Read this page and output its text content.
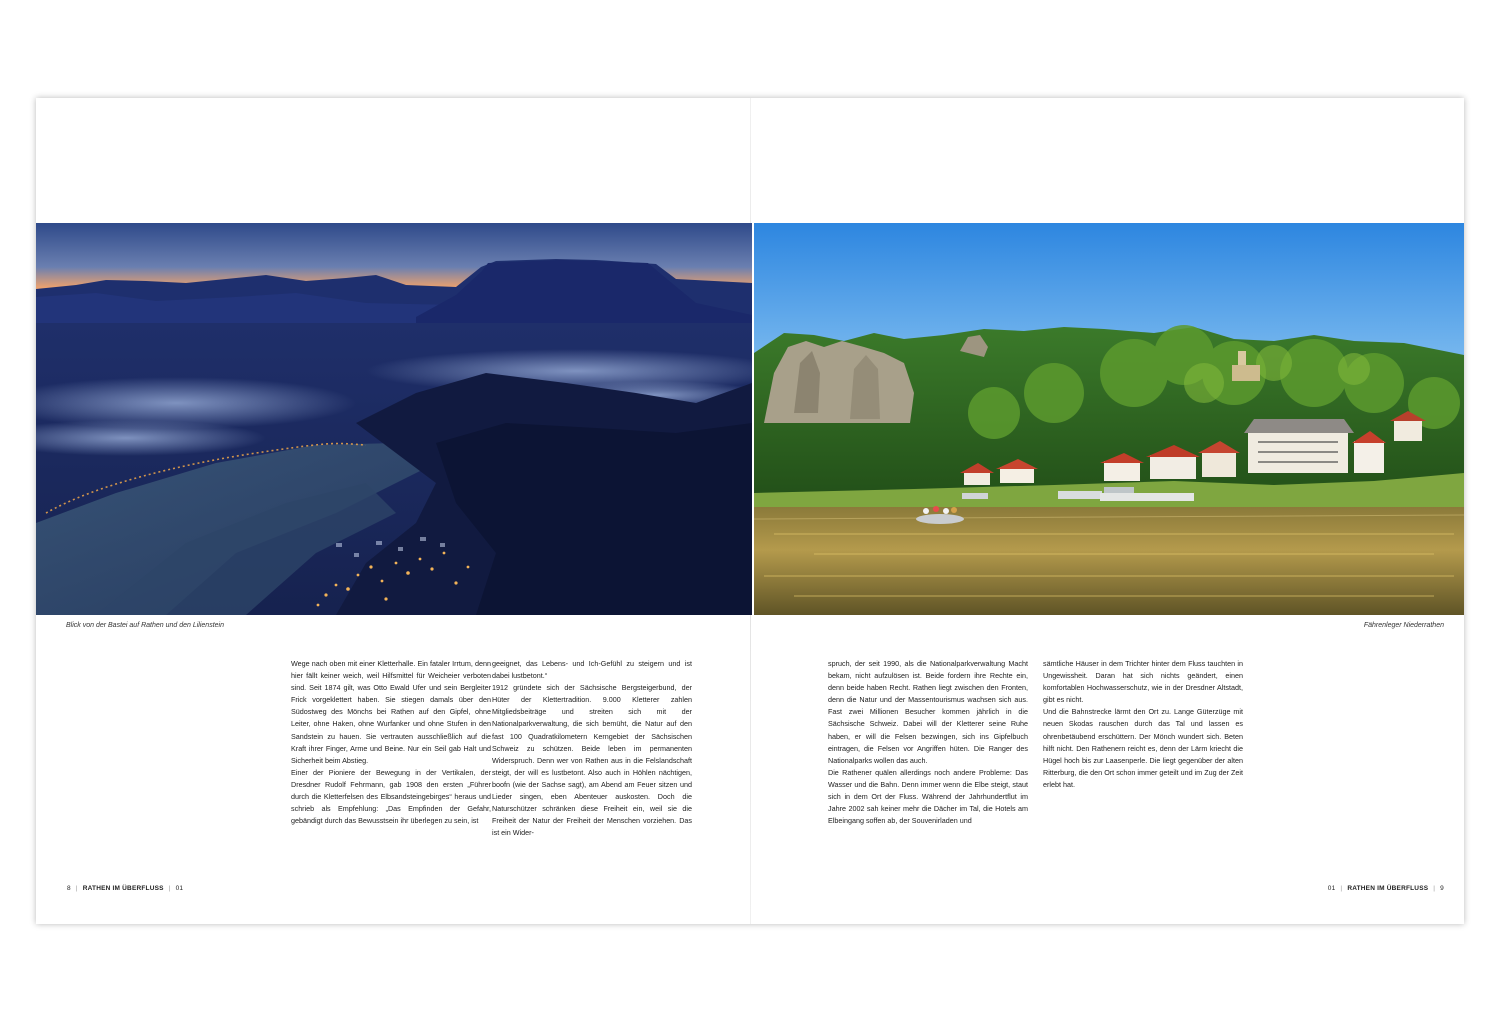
Blick von der Bastei auf Rathen und den Lilienstein	Fährenleger Niederrathen

Wege nach oben mit einer Kletterhalle. Ein fataler Irrtum, denn hier fällt keiner weich, weil Hilfsmittel für Weicheier verboten sind. Seit 1874 gilt, was Otto Ewald Ufer und sein Bergleiter Frick vorgeklettert haben. Sie stiegen damals über den Südostweg des Mönchs bei Rathen auf den Gipfel, ohne Leiter, ohne Haken, ohne Wurfanker und ohne Stufen in den Sandstein zu hauen. Sie vertrauten ausschließlich auf die Kraft ihrer Finger, Arme und Beine. Nur ein Seil gab Halt und Sicherheit beim Abstieg.

Einer der Pioniere der Bewegung in der Vertikalen, der Dresdner Rudolf Fehrmann, gab 1908 den ersten „Führer durch die Kletterfelsen des Elbsandsteingebirges“ heraus und schrieb als Empfehlung: „Das Empfinden der Gefahr, gebändigt durch das Bewusstsein ihr überlegen zu sein, ist

geeignet, das Lebens- und Ich-Gefühl zu steigern und ist dabei lustbetont.“

1912 gründete sich der Sächsische Bergsteigerbund, der Hüter der Klettertradition. 9.000 Kletterer zahlen Mitgliedsbeiträge und streiten sich mit der Nationalparkverwaltung, die sich bemüht, die Natur auf den fast 100 Quadratkilometern Kerngebiet der Sächsischen Schweiz zu schützen. Beide leben im permanenten Widerspruch. Denn wer von Rathen aus in die Felslandschaft steigt, der will es lustbetont. Also auch in Höhlen nächtigen, boofn (wie der Sachse sagt), am Abend am Feuer sitzen und Lieder singen, eben Abenteuer auskosten. Doch die Naturschützer schränken diese Freiheit ein, weil sie die Freiheit der Natur der Freiheit der Menschen vorziehen. Das ist ein Wider-

spruch, der seit 1990, als die Nationalparkverwaltung Macht bekam, nicht aufzulösen ist. Beide fordern ihre Rechte ein, denn beide haben Recht. Rathen liegt zwischen den Fronten, denn die Natur und der Massentourismus wachsen sich aus. Fast zwei Millionen Besucher kommen jährlich in die Sächsische Schweiz. Dabei will der Kletterer seine Ruhe haben, er will die Felsen bezwingen, sich ins Gipfelbuch eintragen, die Felsen vor Angriffen hüten. Die Ranger des Nationalparks wollen das auch.

Die Rathener quälen allerdings noch andere Probleme: Das Wasser und die Bahn. Denn immer wenn die Elbe steigt, staut sich in dem Ort der Fluss. Während der Jahrhundertflut im Jahre 2002 sah keiner mehr die Dächer im Tal, die Hotels am Elbeingang soffen ab, der Souvenirladen und

sämtliche Häuser in dem Trichter hinter dem Fluss tauchten in Ungewissheit. Daran hat sich nichts geändert, einen komfortablen Hochwasserschutz, wie in der Dresdner Altstadt, gibt es nicht.

Und die Bahnstrecke lärmt den Ort zu. Lange Güterzüge mit neuen Skodas rauschen durch das Tal und lassen es ohrenbetäubend erschüttern. Der Mönch wundert sich. Beten hilft nicht. Den Rathenern reicht es, denn der Lärm kriecht die Hügel hoch bis zur Laasenperle. Die liegt gegenüber der alten Ritterburg, die den Ort schon immer geteilt und im Zug der Zeit erlebt hat.

8 | RATHEN IM ÜBERFLUSS | 01	01 | RATHEN IM ÜBERFLUSS | 9
